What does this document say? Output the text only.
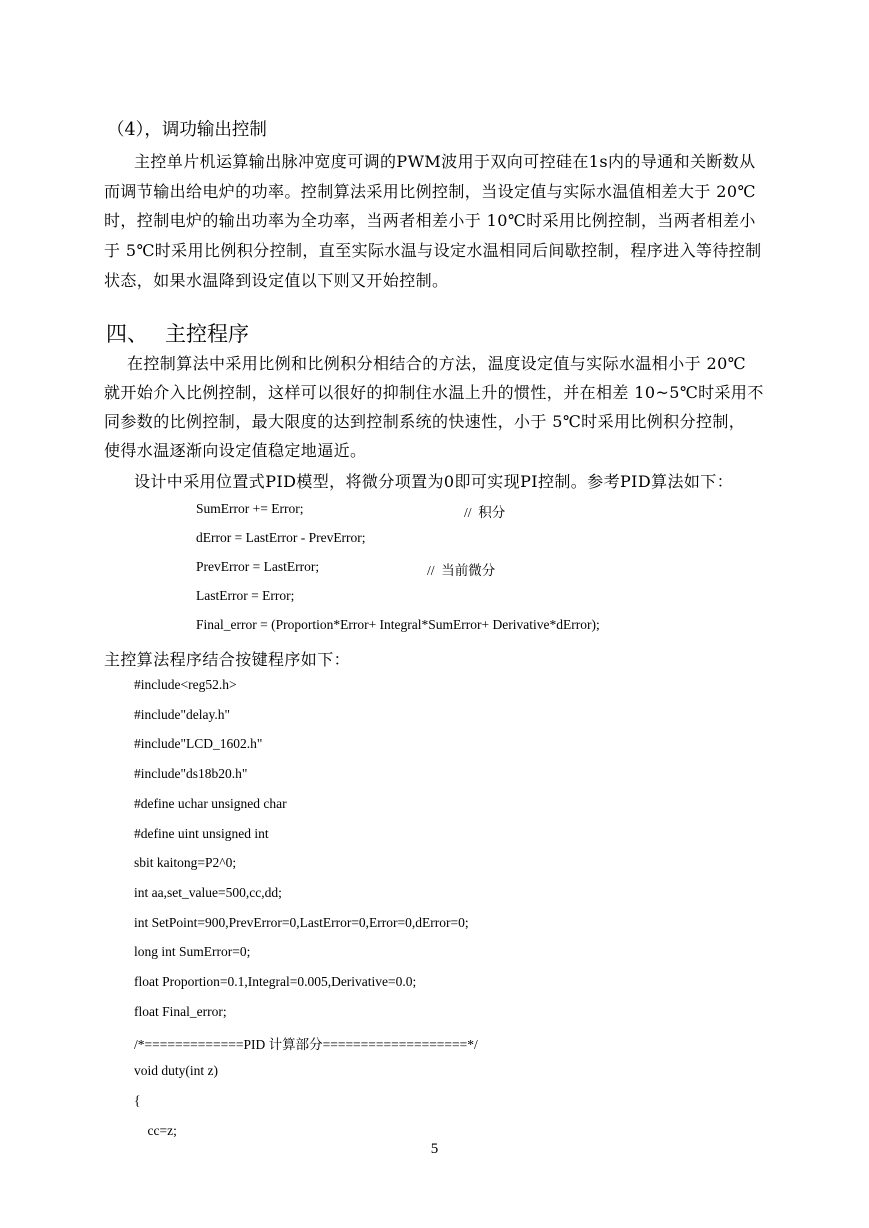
（4），调功输出控制
主控单片机运算输出脉冲宽度可调的PWM波用于双向可控硅在1s内的导通和关断数从
而调节输出给电炉的功率。控制算法采用比例控制，当设定值与实际水温值相差大于 20℃
时，控制电炉的输出功率为全功率，当两者相差小于 10℃时采用比例控制，当两者相差小
于 5℃时采用比例积分控制，直至实际水温与设定水温相同后间歇控制，程序进入等待控制
状态，如果水温降到设定值以下则又开始控制。
四、 主控程序
在控制算法中采用比例和比例积分相结合的方法，温度设定值与实际水温相小于 20℃
就开始介入比例控制，这样可以很好的抑制住水温上升的惯性，并在相差 10~5℃时采用不
同参数的比例控制，最大限度的达到控制系统的快速性，小于 5℃时采用比例积分控制，
使得水温逐渐向设定值稳定地逼近。
设计中采用位置式PID模型，将微分项置为0即可实现PI控制。参考PID算法如下：
SumError += Error;	//  积分
dError = LastError - PrevError;
PrevError = LastError;	//  当前微分
LastError = Error;
Final_error = (Proportion*Error+ Integral*SumError+ Derivative*dError);
主控算法程序结合按键程序如下：
#include<reg52.h>
#include"delay.h"
#include"LCD_1602.h"
#include"ds18b20.h"
#define uchar unsigned char
#define uint unsigned int
sbit kaitong=P2^0;
int aa,set_value=500,cc,dd;
int SetPoint=900,PrevError=0,LastError=0,Error=0,dError=0;
long int SumError=0;
float Proportion=0.1,Integral=0.005,Derivative=0.0;
float Final_error;
/*=============PID 计算部分===================*/
void duty(int z)
{
cc=z;
5
